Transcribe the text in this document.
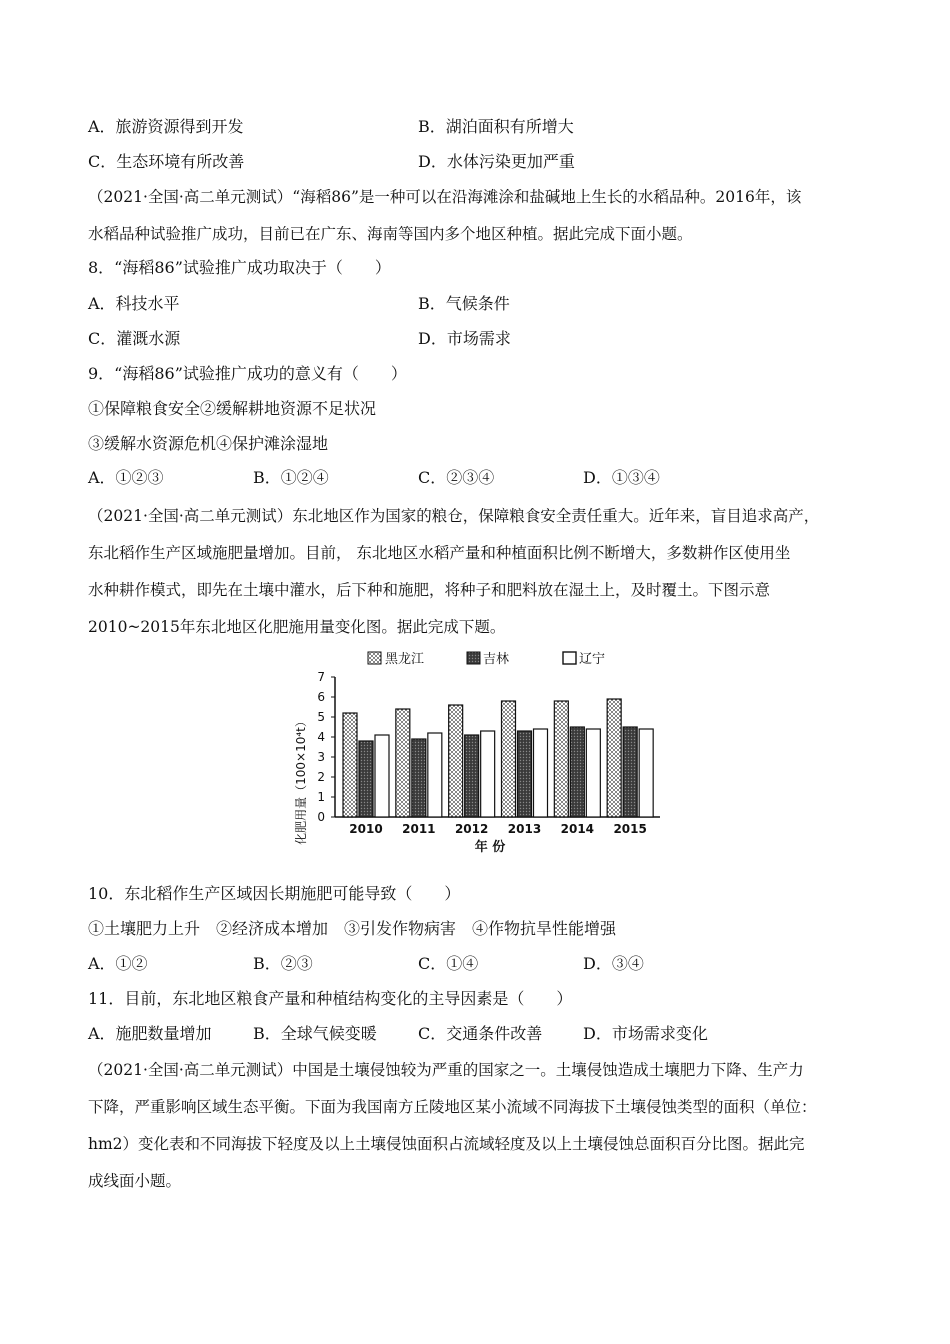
A．旅游资源得到开发	B．湖泊面积有所增大
C．生态环境有所改善	D．水体污染更加严重
（2021·全国·高二单元测试）“海稻86”是一种可以在沿海滩涂和盐碱地上生长的水稻品种。2016年，该
水稻品种试验推广成功，目前已在广东、海南等国内多个地区种植。据此完成下面小题。
8．“海稻86”试验推广成功取决于（　　）
A．科技水平	B．气候条件
C．灌溉水源	D．市场需求
9．“海稻86”试验推广成功的意义有（　　）
①保障粮食安全②缓解耕地资源不足状况
③缓解水资源危机④保护滩涂湿地
A．①②③	B．①②④	C．②③④	D．①③④
（2021·全国·高二单元测试）东北地区作为国家的粮仓，保障粮食安全责任重大。近年来，盲目追求高产，
东北稻作生产区域施肥量增加。目前， 东北地区水稻产量和种植面积比例不断增大，多数耕作区使用坐
水种耕作模式，即先在土壤中灌水，后下种和施肥，将种子和肥料放在湿土上，及时覆土。下图示意
2010~2015年东北地区化肥施用量变化图。据此完成下题。
黑龙江	吉林	辽宁
0
1
2
3
4
5
6
7
2010 2011 2012 2013 2014 2015
化肥用量（100×10⁴t）
年 份
10．东北稻作生产区域因长期施肥可能导致（　　）
①土壤肥力上升　②经济成本增加　③引发作物病害　④作物抗旱性能增强
A．①②	B．②③	C．①④	D．③④
11．目前，东北地区粮食产量和种植结构变化的主导因素是（　　）
A．施肥数量增加	B．全球气候变暖	C．交通条件改善	D．市场需求变化
（2021·全国·高二单元测试）中国是土壤侵蚀较为严重的国家之一。土壤侵蚀造成土壤肥力下降、生产力
下降，严重影响区域生态平衡。下面为我国南方丘陵地区某小流域不同海拔下土壤侵蚀类型的面积（单位：
hm2）变化表和不同海拔下轻度及以上土壤侵蚀面积占流域轻度及以上土壤侵蚀总面积百分比图。据此完
成线面小题。
